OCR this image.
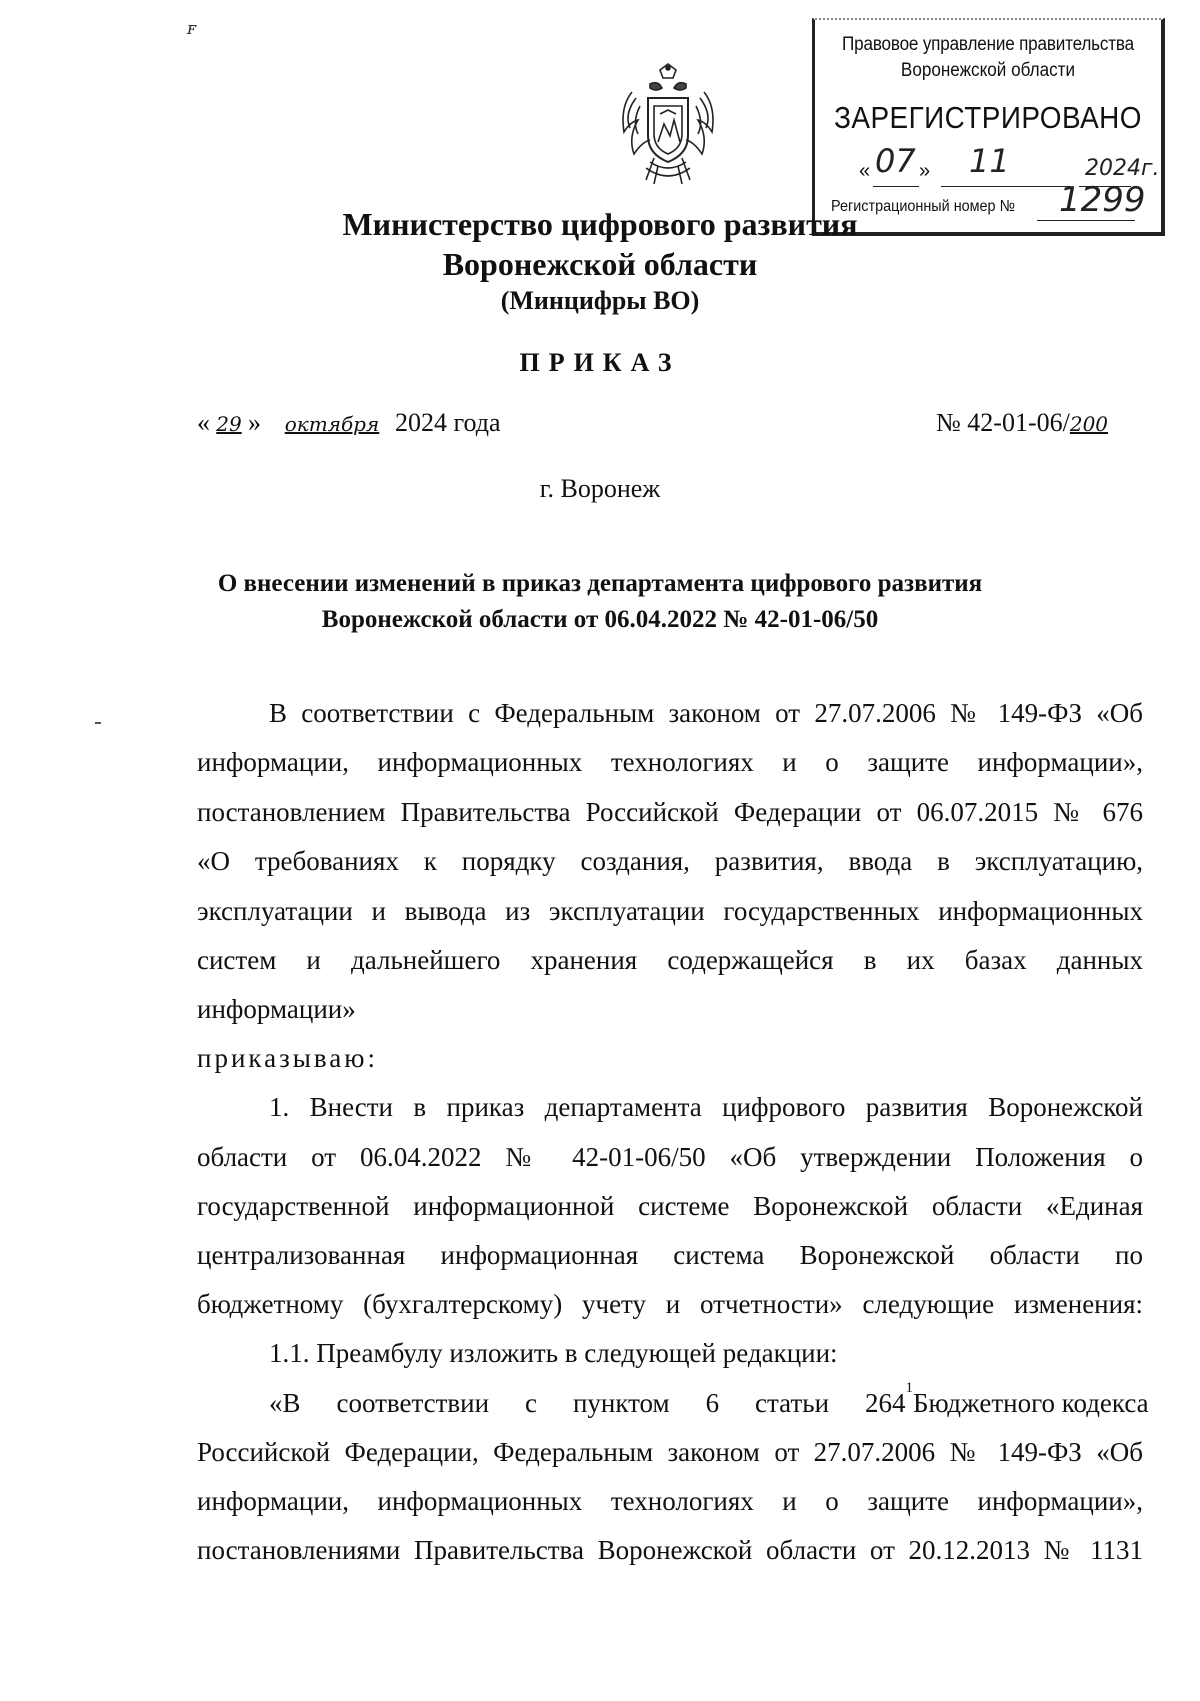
ꜰ
Правовое управление правительства
Воронежской области
ЗАРЕГИСТРИРОВАНО
« 07 » 11	2024г.
Регистрационный номер № 1299
Министерство цифрового развития
Воронежской области
(Минцифры ВО)
ПРИКАЗ
« 29 » октября 2024 года	№ 42-01-06/200
г. Воронеж
О внесении изменений в приказ департамента цифрового развития
Воронежской области от 06.04.2022 № 42-01-06/50
В соответствии с Федеральным законом от 27.07.2006 № 149-ФЗ «Об
информации, информационных технологиях и о защите информации»,
постановлением Правительства Российской Федерации от 06.07.2015 № 676
«О требованиях к порядку создания, развития, ввода в эксплуатацию,
эксплуатации и вывода из эксплуатации государственных информационных
систем и дальнейшего хранения содержащейся в их базах данных
информации»
приказываю:
1. Внести в приказ департамента цифрового развития Воронежской
области от 06.04.2022 № 42-01-06/50 «Об утверждении Положения о
государственной информационной системе Воронежской области «Единая
централизованная информационная система Воронежской области по
бюджетному (бухгалтерскому) учету и отчетности» следующие изменения:
1.1. Преамбулу изложить в следующей редакции:
«В соответствии с пунктом 6 статьи 264 1 Бюджетного кодекса
Российской Федерации, Федеральным законом от 27.07.2006 № 149-ФЗ «Об
информации, информационных технологиях и о защите информации»,
постановлениями Правительства Воронежской области от 20.12.2013 № 1131
